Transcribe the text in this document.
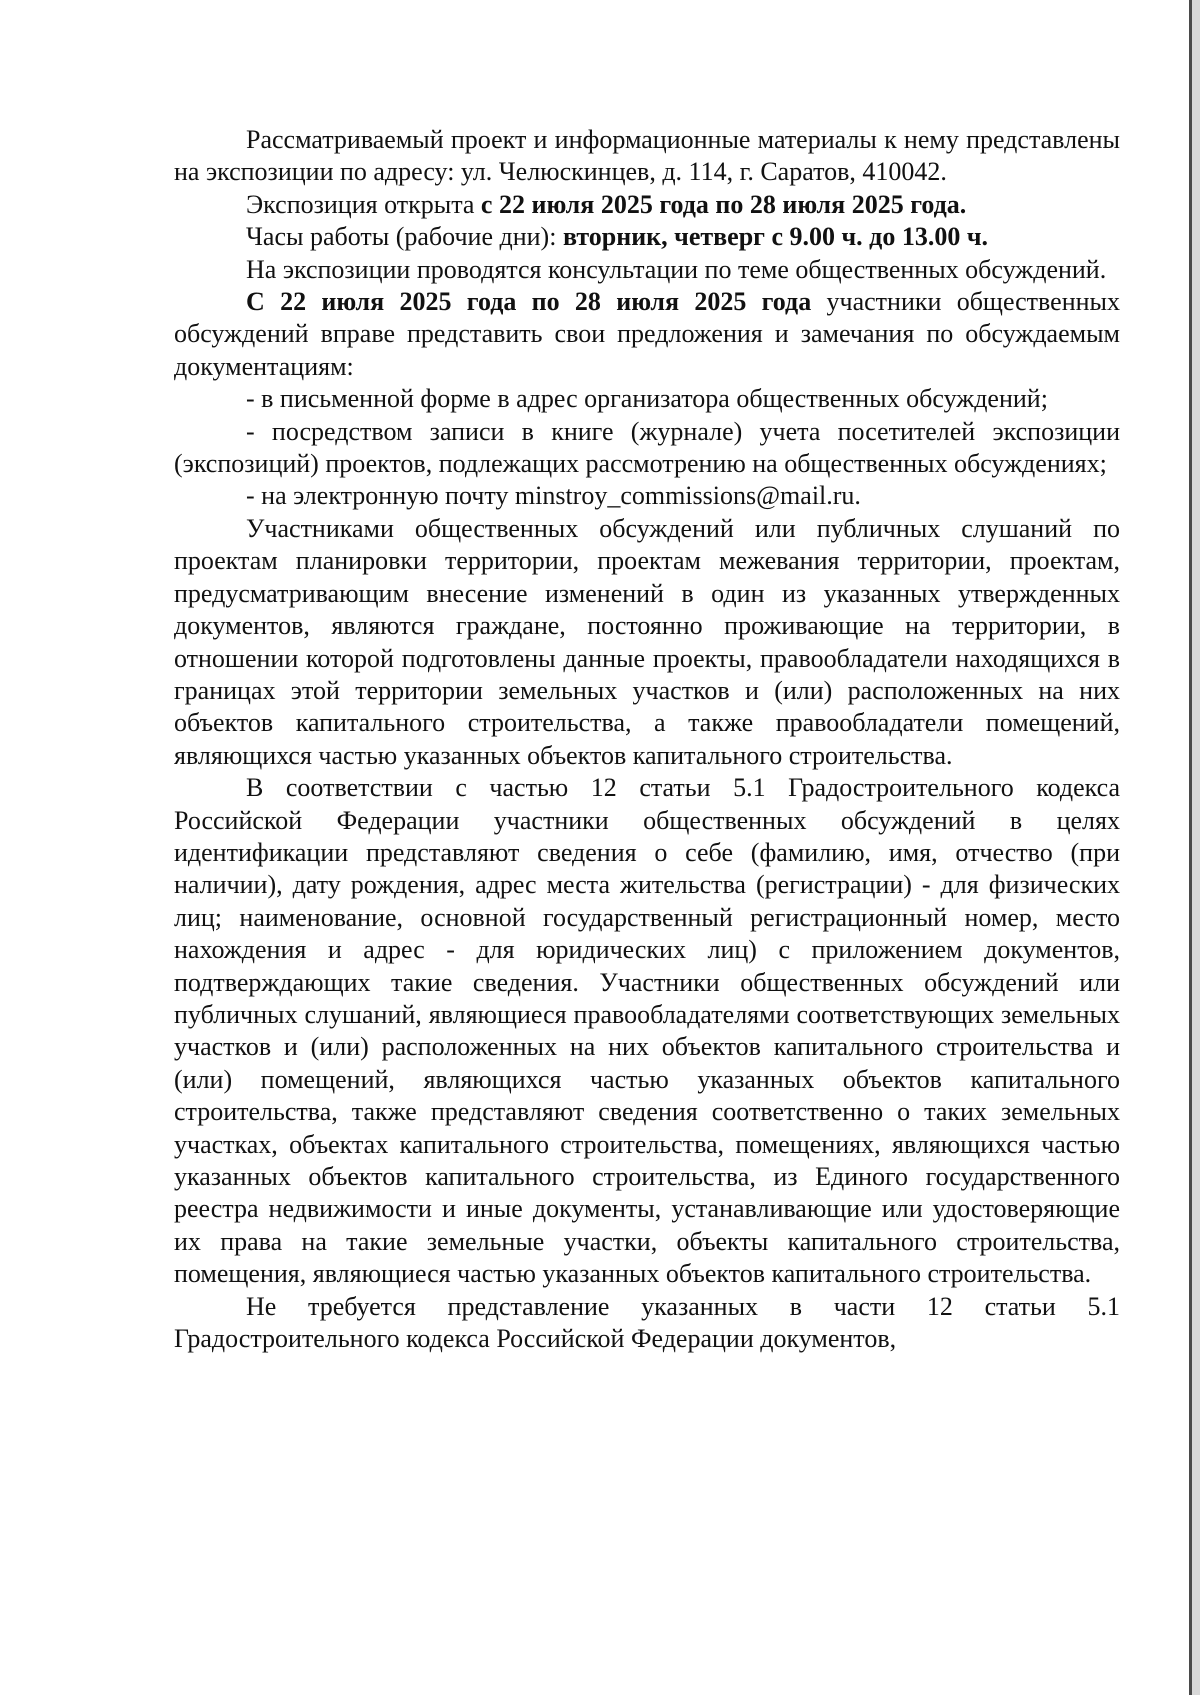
Рассматриваемый проект и информационные материалы к нему представлены на экспозиции по адресу: ул. Челюскинцев, д. 114, г. Саратов, 410042.

Экспозиция открыта с 22 июля 2025 года по 28 июля 2025 года.

Часы работы (рабочие дни): вторник, четверг с 9.00 ч. до 13.00 ч.

На экспозиции проводятся консультации по теме общественных обсуждений.

С 22 июля 2025 года по 28 июля 2025 года участники общественных обсуждений вправе представить свои предложения и замечания по обсуждаемым документациям:

- в письменной форме в адрес организатора общественных обсуждений;

- посредством записи в книге (журнале) учета посетителей экспозиции (экспозиций) проектов, подлежащих рассмотрению на общественных обсуждениях;

- на электронную почту minstroy_commissions@mail.ru.

Участниками общественных обсуждений или публичных слушаний по проектам планировки территории, проектам межевания территории, проектам, предусматривающим внесение изменений в один из указанных утвержденных документов, являются граждане, постоянно проживающие на территории, в отношении которой подготовлены данные проекты, правообладатели находящихся в границах этой территории земельных участков и (или) расположенных на них объектов капитального строительства, а также правообладатели помещений, являющихся частью указанных объектов капитального строительства.

В соответствии с частью 12 статьи 5.1 Градостроительного кодекса Российской Федерации участники общественных обсуждений в целях идентификации представляют сведения о себе (фамилию, имя, отчество (при наличии), дату рождения, адрес места жительства (регистрации) - для физических лиц; наименование, основной государственный регистрационный номер, место нахождения и адрес - для юридических лиц) с приложением документов, подтверждающих такие сведения. Участники общественных обсуждений или публичных слушаний, являющиеся правообладателями соответствующих земельных участков и (или) расположенных на них объектов капитального строительства и (или) помещений, являющихся частью указанных объектов капитального строительства, также представляют сведения соответственно о таких земельных участках, объектах капитального строительства, помещениях, являющихся частью указанных объектов капитального строительства, из Единого государственного реестра недвижимости и иные документы, устанавливающие или удостоверяющие их права на такие земельные участки, объекты капитального строительства, помещения, являющиеся частью указанных объектов капитального строительства.

Не требуется представление указанных в части 12 статьи 5.1 Градостроительного кодекса Российской Федерации документов,
